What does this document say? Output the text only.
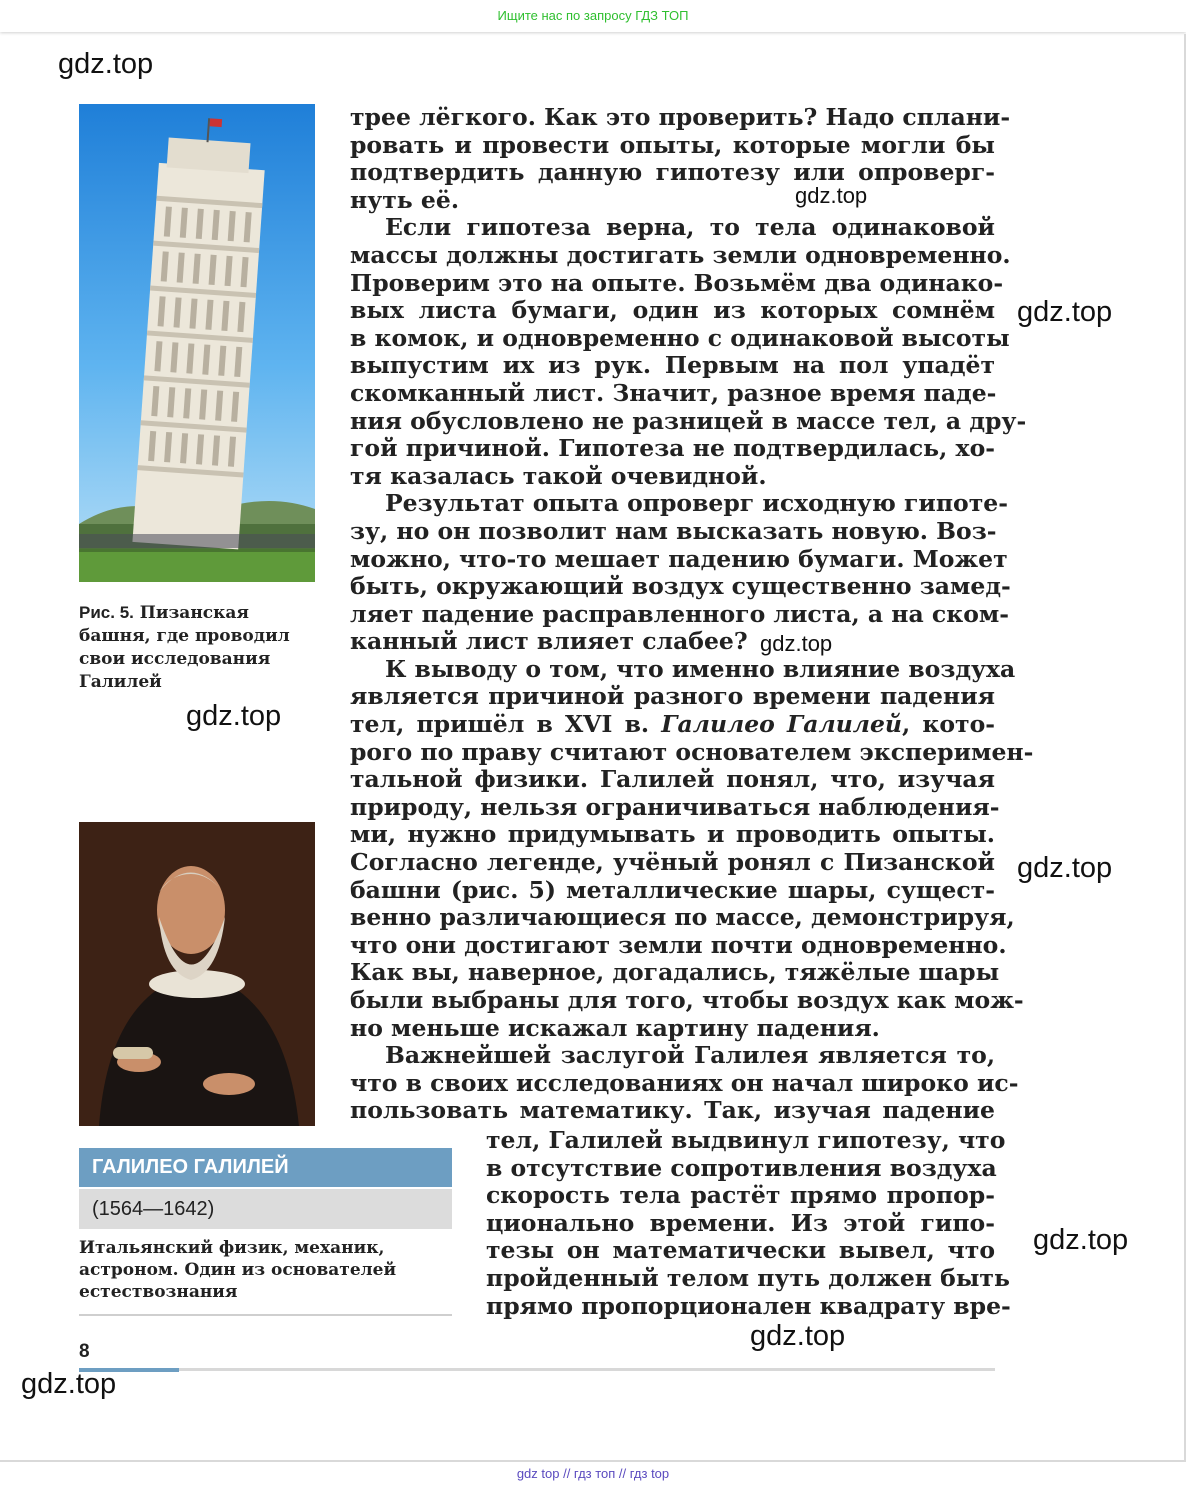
Ищите нас по запросу ГДЗ ТОП
Рис. 5. Пизанская
башня, где проводил
свои исследования
Галилей
ГАЛИЛЕО ГАЛИЛЕЙ
(1564—1642)
Итальянский физик, механик,
астроном. Один из основателей
естествознания
трее лёгкого. Как это проверить? Надо сплани-
ровать и провести опыты, которые могли бы
подтвердить данную гипотезу или опроверг-
нуть её.
Если гипотеза верна, то тела одинаковой
массы должны достигать земли одновременно.
Проверим это на опыте. Возьмём два одинако-
вых листа бумаги, один из которых сомнём
в комок, и одновременно с одинаковой высоты
выпустим их из рук. Первым на пол упадёт
скомканный лист. Значит, разное время паде-
ния обусловлено не разницей в массе тел, а дру-
гой причиной. Гипотеза не подтвердилась, хо-
тя казалась такой очевидной.
Результат опыта опроверг исходную гипоте-
зу, но он позволит нам высказать новую. Воз-
можно, что-то мешает падению бумаги. Может
быть, окружающий воздух существенно замед-
ляет падение расправленного листа, а на ском-
канный лист влияет слабее?
К выводу о том, что именно влияние воздуха
является причиной разного времени падения
тел, пришёл в XVI в. Галилео Галилей, кото-
рого по праву считают основателем эксперимен-
тальной физики. Галилей понял, что, изучая
природу, нельзя ограничиваться наблюдения-
ми, нужно придумывать и проводить опыты.
Согласно легенде, учёный ронял с Пизанской
башни (рис. 5) металлические шары, сущест-
венно различающиеся по массе, демонстрируя,
что они достигают земли почти одновременно.
Как вы, наверное, догадались, тяжёлые шары
были выбраны для того, чтобы воздух как мож-
но меньше искажал картину падения.
Важнейшей заслугой Галилея является то,
что в своих исследованиях он начал широко ис-
пользовать математику. Так, изучая падение
тел, Галилей выдвинул гипотезу, что
в отсутствие сопротивления воздуха
скорость тела растёт прямо пропор-
ционально времени. Из этой гипо-
тезы он математически вывел, что
пройденный телом путь должен быть
прямо пропорционален квадрату вре-
8
gdz.top
gdz.top
gdz.top
gdz.top
gdz.top
gdz.top
gdz.top
gdz.top
gdz.top
gdz top // гдз топ // гдз top
